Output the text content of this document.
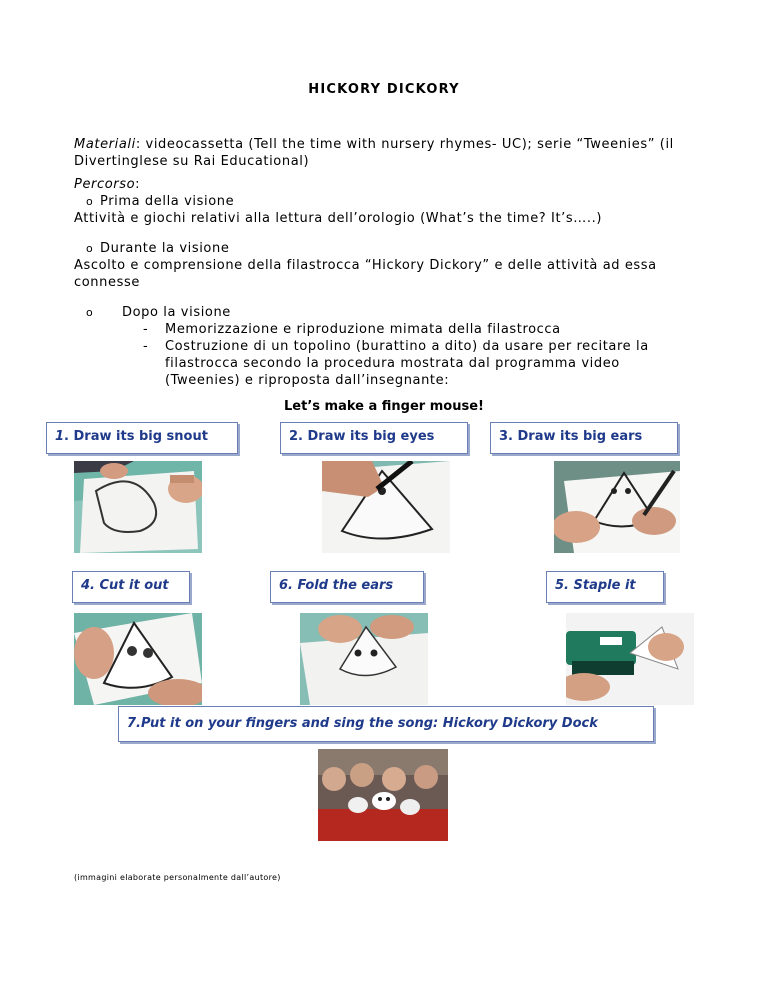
HICKORY DICKORY
Materiali: videocassetta (Tell the time with nursery rhymes- UC); serie “Tweenies” (il
Divertinglese su Rai Educational)
Percorso:
o Prima della visione
Attività e giochi relativi alla lettura dell’orologio (What’s the time? It’s…..)
o Durante la visione
Ascolto e comprensione della filastrocca “Hickory Dickory” e delle attività ad essa
connesse
o Dopo la visione
- Memorizzazione e riproduzione mimata della filastrocca
- Costruzione di un topolino (burattino a dito) da usare per recitare la
filastrocca secondo la procedura mostrata dal programma video
(Tweenies) e riproposta dall’insegnante:
Let’s make a finger mouse!
1. Draw its big snout	2. Draw its big eyes	3. Draw its big ears
4. Cut it out	6. Fold the ears	5. Staple it
7.Put it on your fingers and sing the song: Hickory Dickory Dock
(immagini elaborate personalmente dall’autore)
